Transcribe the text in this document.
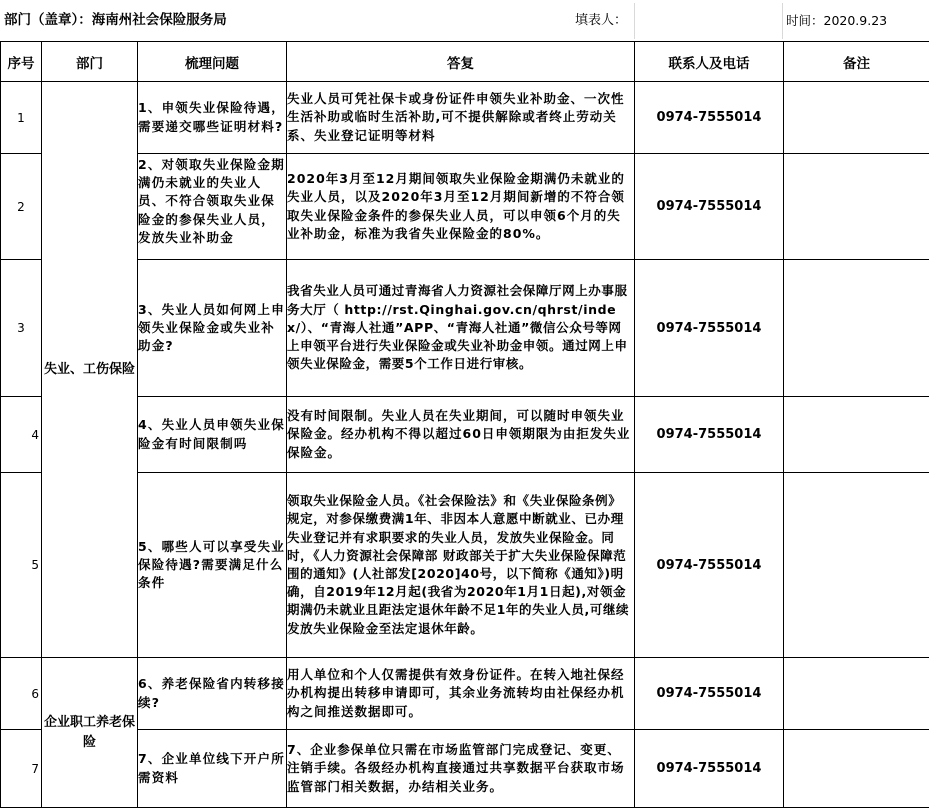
部门（盖章）：海南州社会保险服务局	填表人：	时间：2020.9.23
序号	部门	梳理问题	答复	联系人及电话	备注
1	失业、工伤保险	1、申领失业保险待遇，需要递交哪些证明材料?	失业人员可凭社保卡或身份证件申领失业补助金、一次性生活补助或临时生活补助,可不提供解除或者终止劳动关系、失业登记证明等材料	0974-7555014	
2		2、对领取失业保险金期满仍未就业的失业人员、不符合领取失业保险金的参保失业人员，发放失业补助金	2020年3月至12月期间领取失业保险金期满仍未就业的失业人员，以及2020年3月至12月期间新增的不符合领取失业保险金条件的参保失业人员，可以申领6个月的失业补助金，标准为我省失业保险金的80%。	0974-7555014	
3		3、失业人员如何网上申领失业保险金或失业补助金?	我省失业人员可通过青海省人力资源社会保障厅网上办事服务大厅（ http://rst.Qinghai.gov.cn/qhrst/index/）、“青海人社通”APP、“青海人社通”微信公众号等网上申领平台进行失业保险金或失业补助金申领。通过网上申领失业保险金，需要5个工作日进行审核。	0974-7555014	
4		4、失业人员申领失业保险金有时间限制吗	没有时间限制。失业人员在失业期间，可以随时申领失业保险金。经办机构不得以超过60日申领期限为由拒发失业保险金。	0974-7555014	
5		5、哪些人可以享受失业保险待遇?需要满足什么条件	领取失业保险金人员。《社会保险法》和《失业保险条例》规定，对参保缴费满1年、非因本人意愿中断就业、已办理失业登记并有求职要求的失业人员，发放失业保险金。同时，《人力资源社会保障部 财政部关于扩大失业保险保障范围的通知》(人社部发[2020]40号，以下简称《通知》)明确，自2019年12月起(我省为2020年1月1日起),对领金期满仍未就业且距法定退休年龄不足1年的失业人员,可继续发放失业保险金至法定退休年龄。	0974-7555014	
6	企业职工养老保险	6、养老保险省内转移接续?	用人单位和个人仅需提供有效身份证件。在转入地社保经办机构提出转移申请即可，其余业务流转均由社保经办机构之间推送数据即可。	0974-7555014	
7		7、企业单位线下开户所需资料	7、企业参保单位只需在市场监管部门完成登记、变更、注销手续。各级经办机构直接通过共享数据平台获取市场监管部门相关数据，办结相关业务。	0974-7555014	
